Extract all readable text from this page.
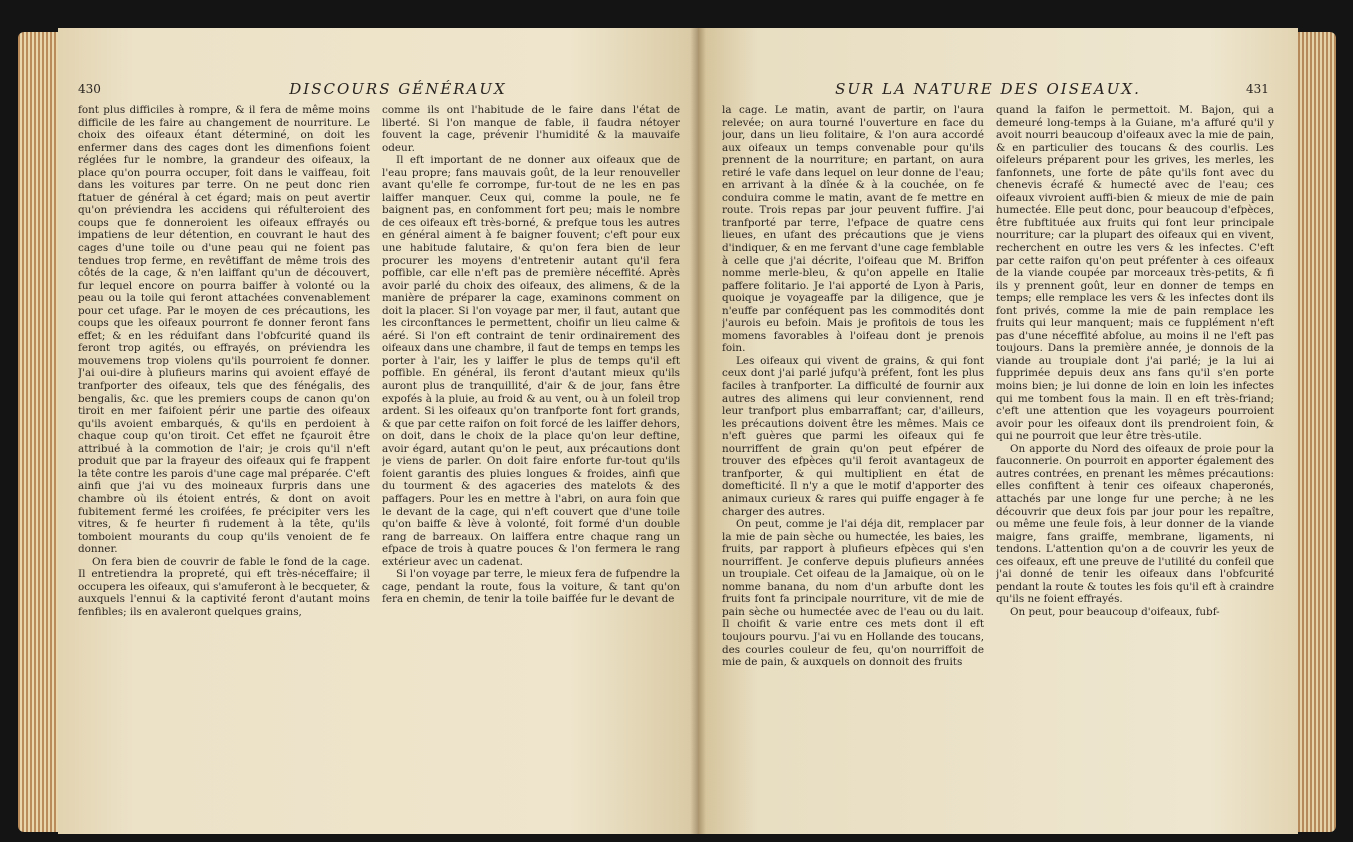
430	DISCOURS GÉNÉRAUX

font plus difficiles à rompre, & il fera de même moins difficile de les faire au changement de nourriture. Le choix des oifeaux étant déterminé, on doit les enfermer dans des cages dont les dimenfions foient réglées fur le nombre, la grandeur des oifeaux, la place qu'on pourra occuper, foit dans le vaiffeau, foit dans les voitures par terre. On ne peut donc rien ftatuer de général à cet égard; mais on peut avertir qu'on préviendra les accidens qui réfulteroient des coups que fe donneroient les oifeaux effrayés ou impatiens de leur détention, en couvrant le haut des cages d'une toile ou d'une peau qui ne foient pas tendues trop ferme, en revêtiffant de même trois des côtés de la cage, & n'en laiffant qu'un de découvert, fur lequel encore on pourra baiffer à volonté ou la peau ou la toile qui feront attachées convenablement pour cet ufage. Par le moyen de ces précautions, les coups que les oifeaux pourront fe donner feront fans effet; & en les réduifant dans l'obfcurité quand ils feront trop agités, ou effrayés, on préviendra les mouvemens trop violens qu'ils pourroient fe donner. J'ai oui-dire à plufieurs marins qui avoient effayé de tranfporter des oifeaux, tels que des fénégalis, des bengalis, &c. que les premiers coups de canon qu'on tiroit en mer faifoient périr une partie des oifeaux qu'ils avoient embarqués, & qu'ils en perdoient à chaque coup qu'on tiroit. Cet effet ne fçauroit être attribué à la commotion de l'air; je crois qu'il n'eft produit que par la frayeur des oifeaux qui fe frappent la tête contre les parois d'une cage mal préparée. C'eft ainfi que j'ai vu des moineaux furpris dans une chambre où ils étoient entrés, & dont on avoit fubitement fermé les croifées, fe précipiter vers les vitres, & fe heurter fi rudement à la tête, qu'ils tomboient mourants du coup qu'ils venoient de fe donner.

On fera bien de couvrir de fable le fond de la cage. Il entretiendra la propreté, qui eft très-néceffaire; il occupera les oifeaux, qui s'amuferont à le becqueter, & auxquels l'ennui & la captivité feront d'autant moins fenfibles; ils en avaleront quelques grains,

comme ils ont l'habitude de le faire dans l'état de liberté. Si l'on manque de fable, il faudra nétoyer fouvent la cage, prévenir l'humidité & la mauvaife odeur.

Il eft important de ne donner aux oifeaux que de l'eau propre; fans mauvais goût, de la leur renouveller avant qu'elle fe corrompe, fur-tout de ne les en pas laiffer manquer. Ceux qui, comme la poule, ne fe baignent pas, en confomment fort peu; mais le nombre de ces oifeaux eft très-borné, & prefque tous les autres en général aiment à fe baigner fouvent; c'eft pour eux une habitude falutaire, & qu'on fera bien de leur procurer les moyens d'entretenir autant qu'il fera poffible, car elle n'eft pas de première néceffité. Après avoir parlé du choix des oifeaux, des alimens, & de la manière de préparer la cage, examinons comment on doit la placer. Si l'on voyage par mer, il faut, autant que les circonftances le permettent, choifir un lieu calme & aéré. Si l'on eft contraint de tenir ordinairement des oifeaux dans une chambre, il faut de temps en temps les porter à l'air, les y laiffer le plus de temps qu'il eft poffible. En général, ils feront d'autant mieux qu'ils auront plus de tranquillité, d'air & de jour, fans être expofés à la pluie, au froid & au vent, ou à un foleil trop ardent. Si les oifeaux qu'on tranfporte font fort grands, & que par cette raifon on foit forcé de les laiffer dehors, on doit, dans le choix de la place qu'on leur deftine, avoir égard, autant qu'on le peut, aux précautions dont je viens de parler. On doit faire enforte fur-tout qu'ils foient garantis des pluies longues & froides, ainfi que du tourment & des agaceries des matelots & des paffagers. Pour les en mettre à l'abri, on aura foin que le devant de la cage, qui n'eft couvert que d'une toile qu'on baiffe & lève à volonté, foit formé d'un double rang de barreaux. On laiffera entre chaque rang un efpace de trois à quatre pouces & l'on fermera le rang extérieur avec un cadenat.

Si l'on voyage par terre, le mieux fera de fufpendre la cage, pendant la route, fous la voiture, & tant qu'on fera en chemin, de tenir la toile baiffée fur le devant de

SUR LA NATURE DES OISEAUX.	431

la cage. Le matin, avant de partir, on l'aura relevée; on aura tourné l'ouverture en face du jour, dans un lieu folitaire, & l'on aura accordé aux oifeaux un temps convenable pour qu'ils prennent de la nourriture; en partant, on aura retiré le vafe dans lequel on leur donne de l'eau; en arrivant à la dînée & à la couchée, on fe conduira comme le matin, avant de fe mettre en route. Trois repas par jour peuvent fuffire. J'ai tranfporté par terre, l'efpace de quatre cens lieues, en ufant des précautions que je viens d'indiquer, & en me fervant d'une cage femblable à celle que j'ai décrite, l'oifeau que M. Briffon nomme merle-bleu, & qu'on appelle en Italie paffere folitario. Je l'ai apporté de Lyon à Paris, quoique je voyageaffe par la diligence, que je n'euffe par conféquent pas les commodités dont j'aurois eu befoin. Mais je profitois de tous les momens favorables à l'oifeau dont je prenois foin.

Les oifeaux qui vivent de grains, & qui font ceux dont j'ai parlé jufqu'à préfent, font les plus faciles à tranfporter. La difficulté de fournir aux autres des alimens qui leur conviennent, rend leur tranfport plus embarraffant; car, d'ailleurs, les précautions doivent être les mêmes. Mais ce n'eft guères que parmi les oifeaux qui fe nourriffent de grain qu'on peut efpérer de trouver des efpèces qu'il feroit avantageux de tranfporter, & qui multiplient en état de domefticité. Il n'y a que le motif d'apporter des animaux curieux & rares qui puiffe engager à fe charger des autres.

On peut, comme je l'ai déja dit, remplacer par la mie de pain sèche ou humectée, les baies, les fruits, par rapport à plufieurs efpèces qui s'en nourriffent. Je conferve depuis plufieurs années un troupiale. Cet oifeau de la Jamaique, où on le nomme banana, du nom d'un arbufte dont les fruits font fa principale nourriture, vit de mie de pain sèche ou humectée avec de l'eau ou du lait. Il choifit & varie entre ces mets dont il eft toujours pourvu. J'ai vu en Hollande des toucans, des courles couleur de feu, qu'on nourriffoit de mie de pain, & auxquels on donnoit des fruits

quand la faifon le permettoit. M. Bajon, qui a demeuré long-temps à la Guiane, m'a affuré qu'il y avoit nourri beaucoup d'oifeaux avec la mie de pain, & en particulier des toucans & des courlis. Les oifeleurs préparent pour les grives, les merles, les fanfonnets, une forte de pâte qu'ils font avec du chenevis écrafé & humecté avec de l'eau; ces oifeaux vivroient auffi-bien & mieux de mie de pain humectée. Elle peut donc, pour beaucoup d'efpèces, être fubftituée aux fruits qui font leur principale nourriture; car la plupart des oifeaux qui en vivent, recherchent en outre les vers & les infectes. C'eft par cette raifon qu'on peut préfenter à ces oifeaux de la viande coupée par morceaux très-petits, & fi ils y prennent goût, leur en donner de temps en temps; elle remplace les vers & les infectes dont ils font privés, comme la mie de pain remplace les fruits qui leur manquent; mais ce fupplément n'eft pas d'une néceffité abfolue, au moins il ne l'eft pas toujours. Dans la première année, je donnois de la viande au troupiale dont j'ai parlé; je la lui ai fupprimée depuis deux ans fans qu'il s'en porte moins bien; je lui donne de loin en loin les infectes qui me tombent fous la main. Il en eft très-friand; c'eft une attention que les voyageurs pourroient avoir pour les oifeaux dont ils prendroient foin, & qui ne pourroit que leur être très-utile.

On apporte du Nord des oifeaux de proie pour la fauconnerie. On pourroit en apporter également des autres contrées, en prenant les mêmes précautions: elles confiftent à tenir ces oifeaux chaperonés, attachés par une longe fur une perche; à ne les découvrir que deux fois par jour pour les repaître, ou même une feule fois, à leur donner de la viande maigre, fans graiffe, membrane, ligaments, ni tendons. L'attention qu'on a de couvrir les yeux de ces oifeaux, eft une preuve de l'utilité du confeil que j'ai donné de tenir les oifeaux dans l'obfcurité pendant la route & toutes les fois qu'il eft à craindre qu'ils ne foient effrayés.

On peut, pour beaucoup d'oifeaux, fubf-
